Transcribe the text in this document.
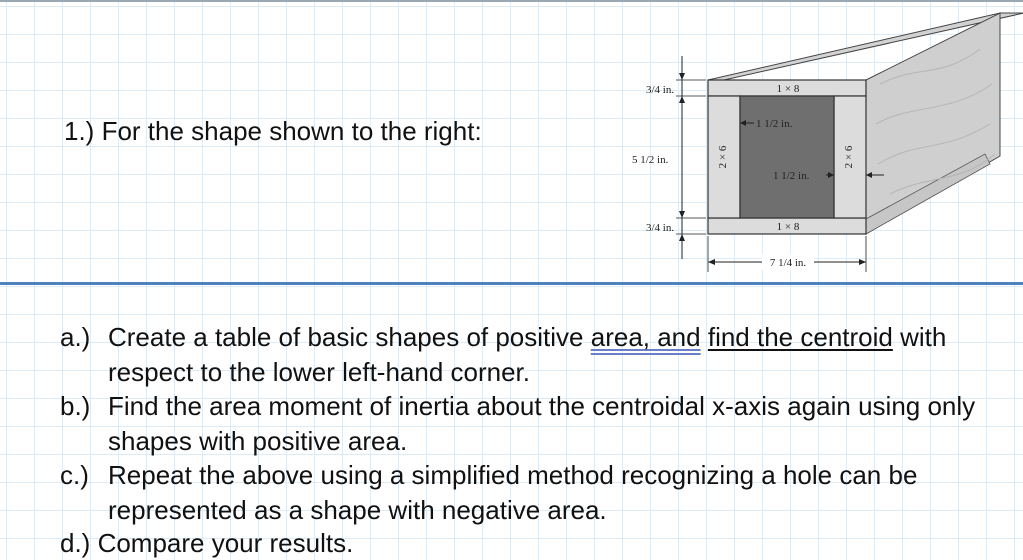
1.) For the shape shown to the right:
1 × 8
1 × 8
2 × 6	2 × 6
1 1/2 in.
1 1/2 in.
3/4 in.
5 1/2 in.
3/4 in.
7 1/4 in.
a.) Create a table of basic shapes of positive area, and find the centroid with respect to the lower left-hand corner.
b.) Find the area moment of inertia about the centroidal x-axis again using only shapes with positive area.
c.) Repeat the above using a simplified method recognizing a hole can be represented as a shape with negative area.
d.) Compare your results.
